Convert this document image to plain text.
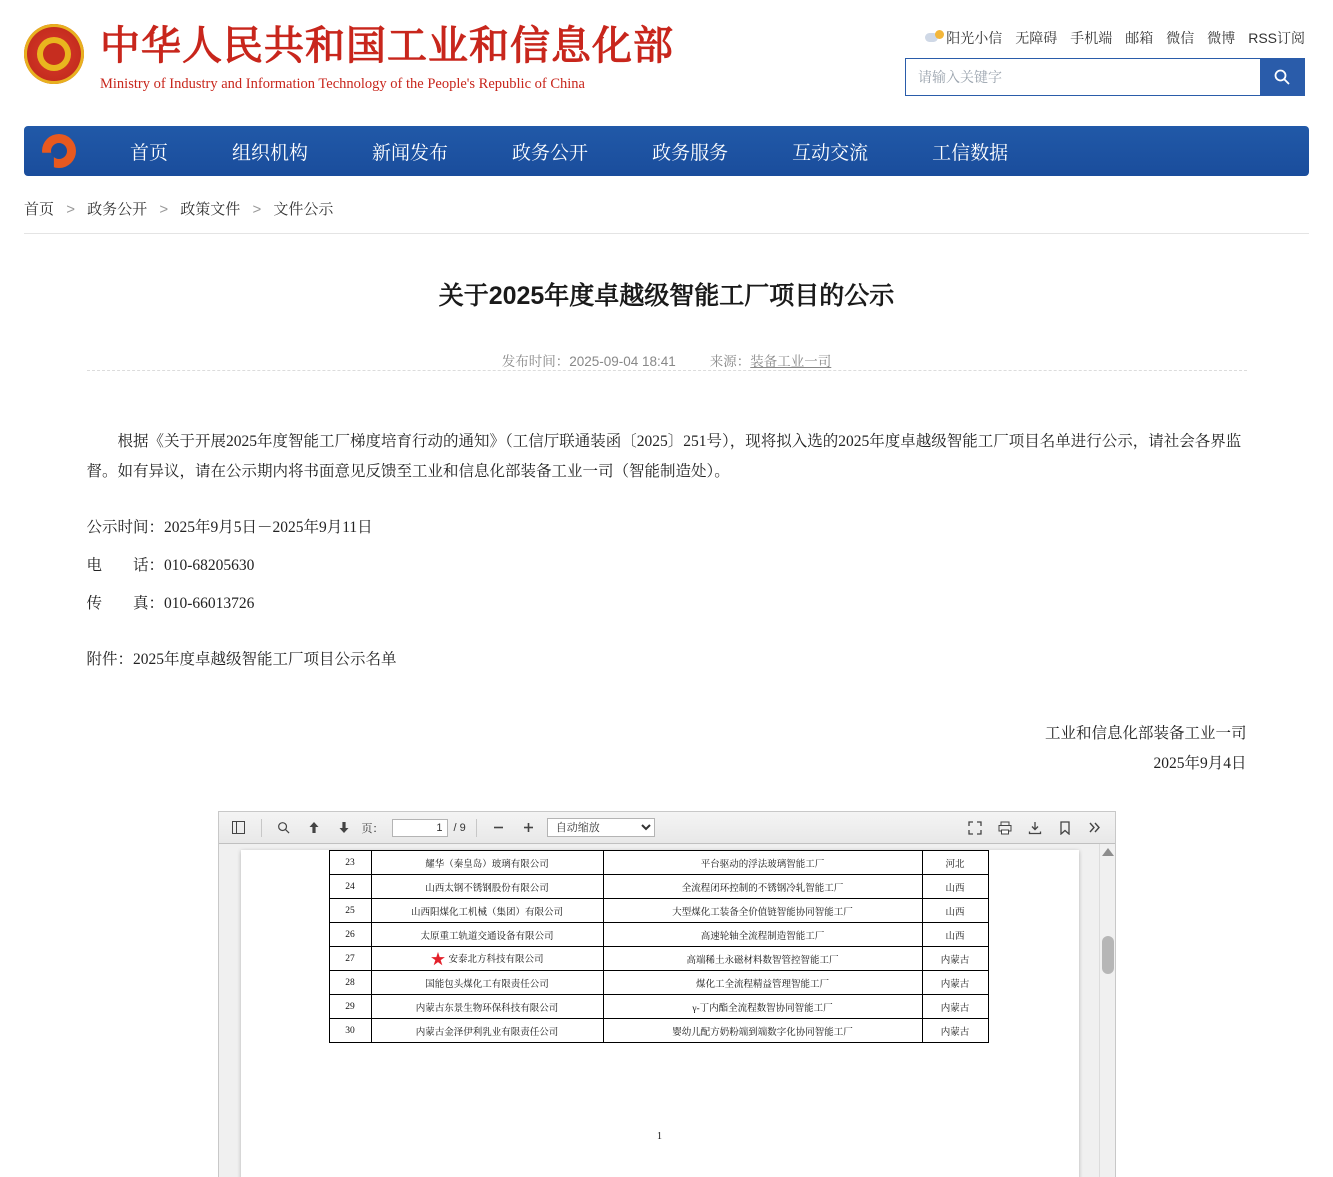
中华人民共和国工业和信息化部
Ministry of Industry and Information Technology of the People's Republic of China
阳光小信 无障碍 手机端 邮箱 微信 微博 RSS订阅
请输入关键字
首页	组织机构	新闻发布	政务公开	政务服务	互动交流	工信数据
首页 > 政务公开 > 政策文件 > 文件公示
关于2025年度卓越级智能工厂项目的公示
发布时间：2025-09-04 18:41	来源：装备工业一司

根据《关于开展2025年度智能工厂梯度培育行动的通知》（工信厅联通装函〔2025〕251号），现将拟入选的2025年度卓越级智能工厂项目名单进行公示，请社会各界监督。如有异议，请在公示期内将书面意见反馈至工业和信息化部装备工业一司（智能制造处）。

公示时间：2025年9月5日－2025年9月11日

电　　话：010-68205630

传　　真：010-66013726

附件：2025年度卓越级智能工厂项目公示名单

工业和信息化部装备工业一司
2025年9月4日
页：
1	/ 9
自动缩放
23	耀华（秦皇岛）玻璃有限公司	平台驱动的浮法玻璃智能工厂	河北
24	山西太钢不锈钢股份有限公司	全流程闭环控制的不锈钢冷轧智能工厂	山西
25	山西阳煤化工机械（集团）有限公司	大型煤化工装备全价值链智能协同智能工厂	山西
26	太原重工轨道交通设备有限公司	高速轮轴全流程制造智能工厂	山西
27	★ 安泰北方科技有限公司	高端稀土永磁材料数智管控智能工厂	内蒙古
28	国能包头煤化工有限责任公司	煤化工全流程精益管理智能工厂	内蒙古
29	内蒙古东景生物环保科技有限公司	γ-丁内酯全流程数智协同智能工厂	内蒙古
30	内蒙古金泽伊利乳业有限责任公司	婴幼儿配方奶粉端到端数字化协同智能工厂	内蒙古
1
